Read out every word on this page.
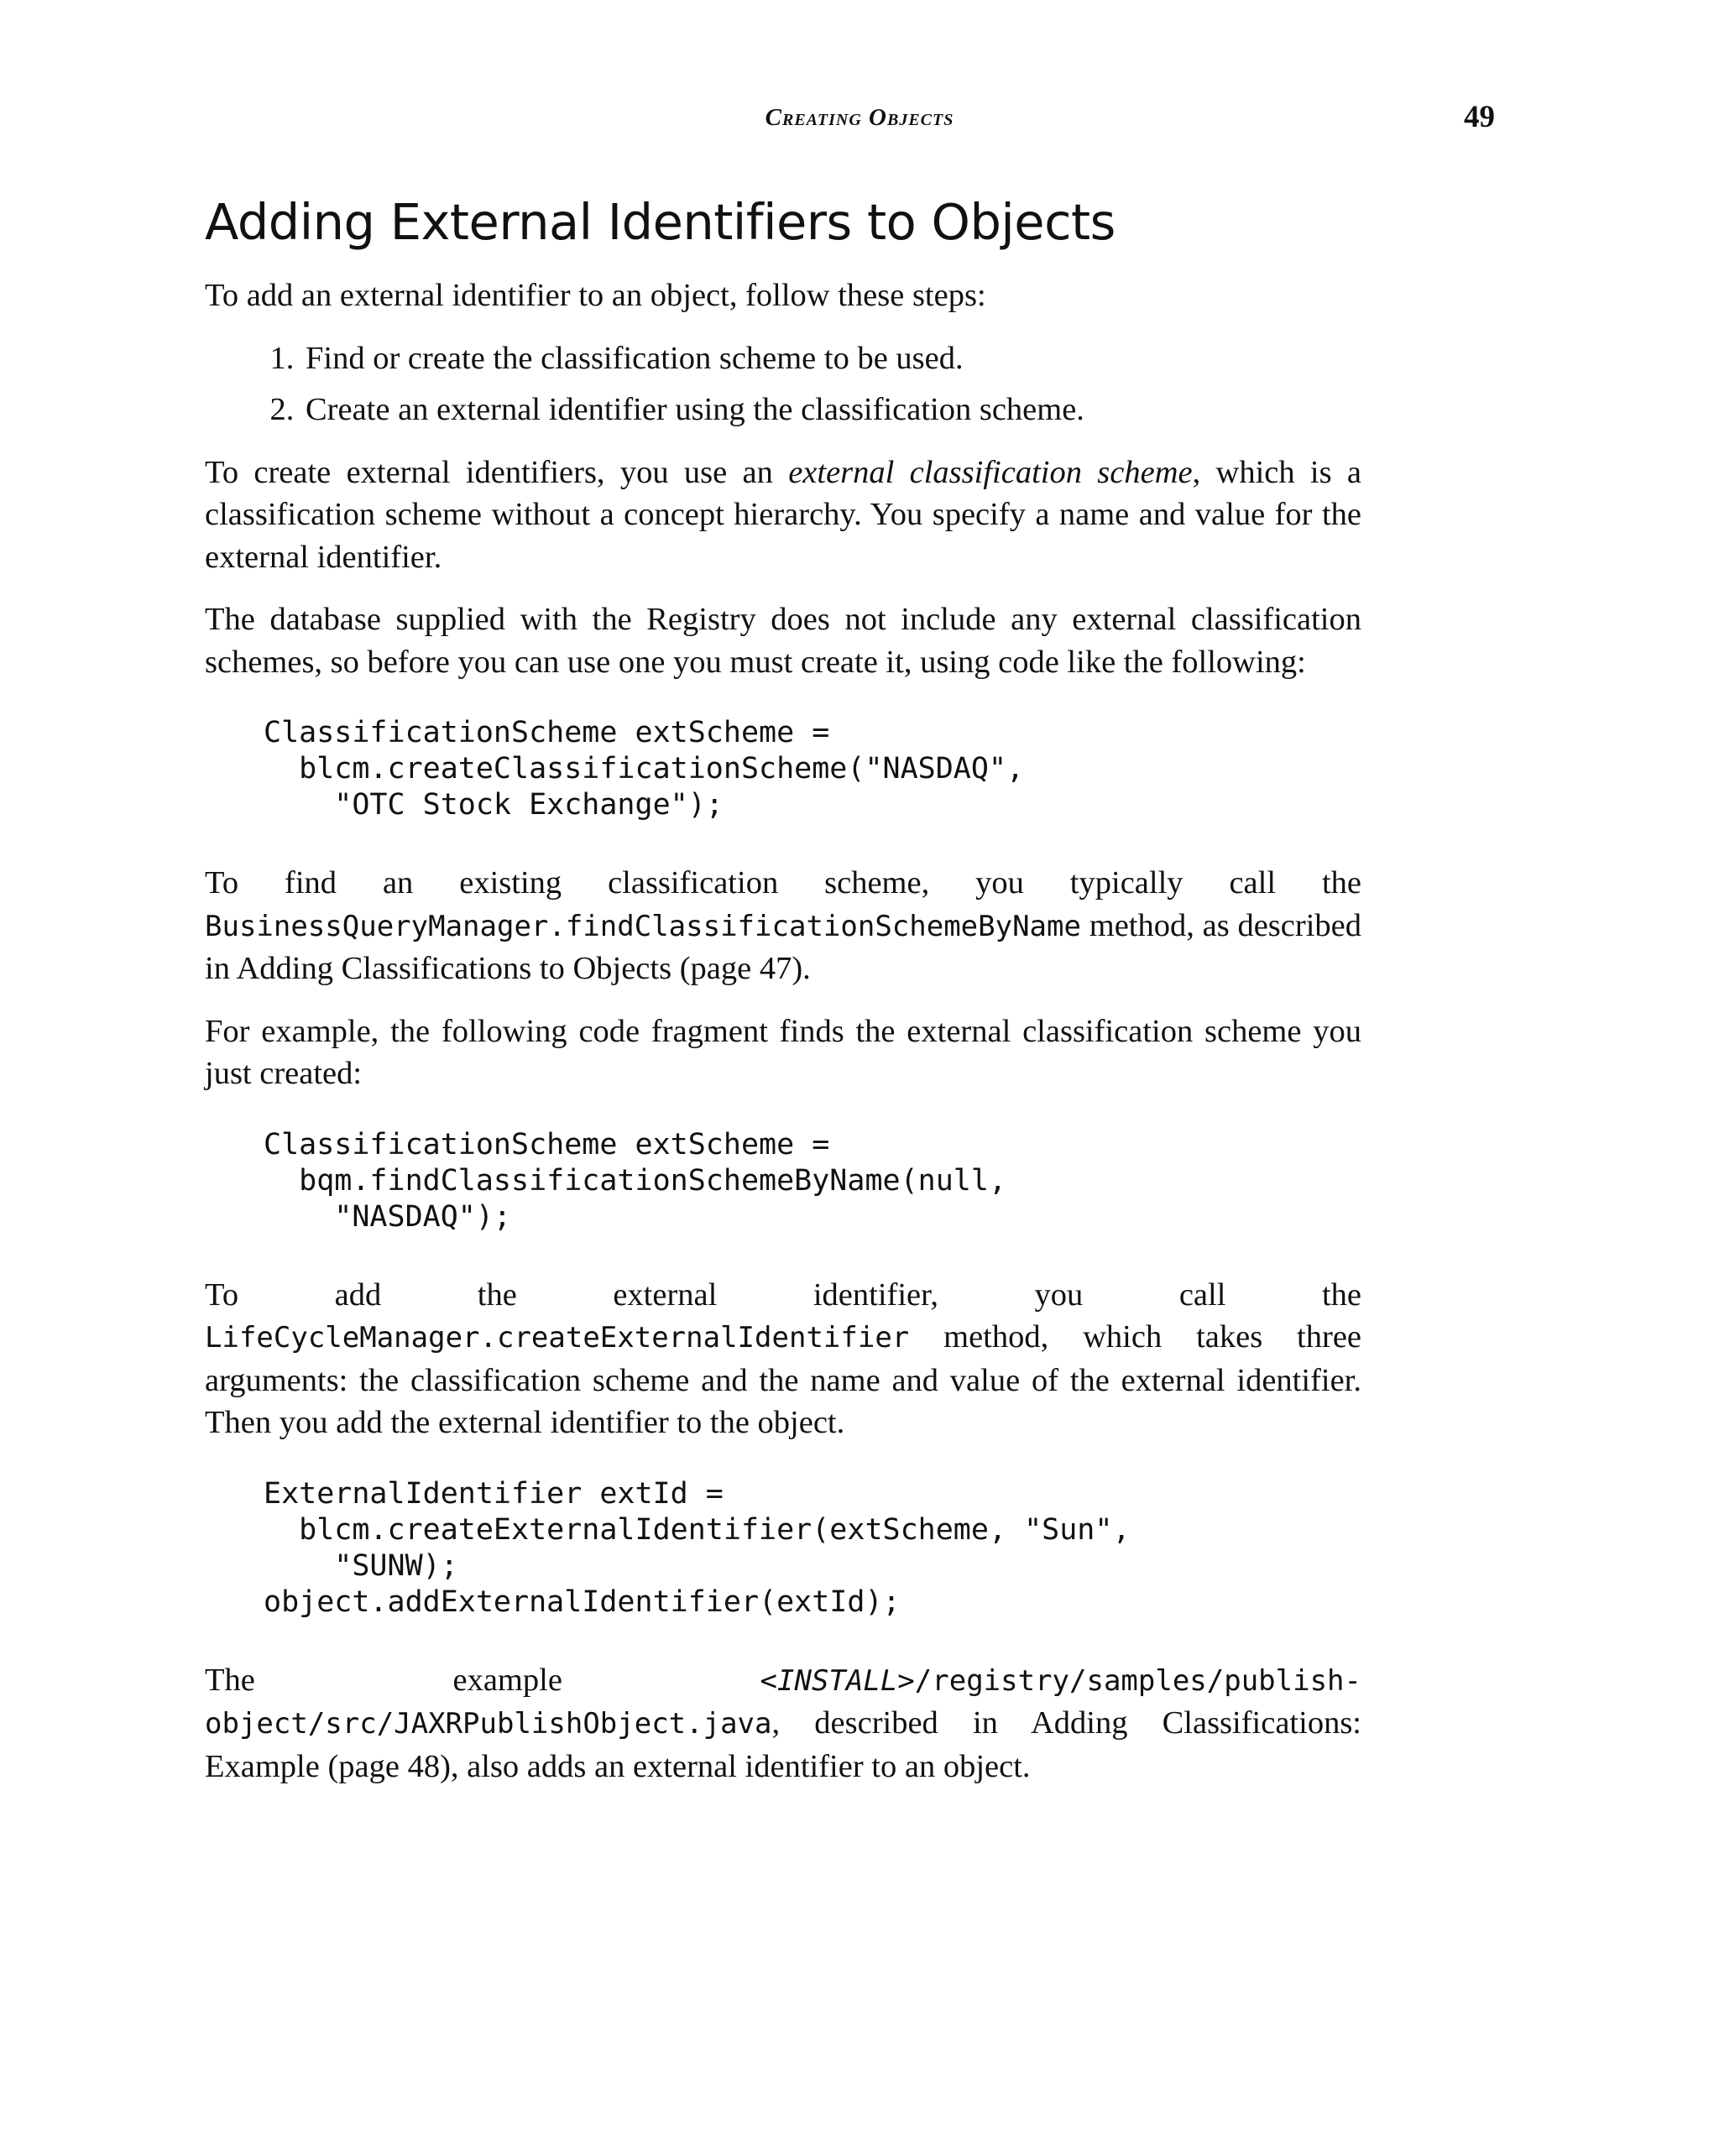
Creating Objects	49
Adding External Identifiers to Objects

To add an external identifier to an object, follow these steps:

1. Find or create the classification scheme to be used.
2. Create an external identifier using the classification scheme.

To create external identifiers, you use an external classification scheme, which is a classification scheme without a concept hierarchy. You specify a name and value for the external identifier.

The database supplied with the Registry does not include any external classification schemes, so before you can use one you must create it, using code like the following:

ClassificationScheme extScheme =
blcm.createClassificationScheme("NASDAQ",
"OTC Stock Exchange");

To find an existing classification scheme, you typically call the BusinessQueryManager.findClassificationSchemeByName method, as described in Adding Classifications to Objects (page 47).

For example, the following code fragment finds the external classification scheme you just created:

ClassificationScheme extScheme =
bqm.findClassificationSchemeByName(null,
"NASDAQ");

To add the external identifier, you call the LifeCycleManager.createExternalIdentifier method, which takes three arguments: the classification scheme and the name and value of the external identifier. Then you add the external identifier to the object.

ExternalIdentifier extId =
blcm.createExternalIdentifier(extScheme, "Sun",
"SUNW);
object.addExternalIdentifier(extId);

The example <INSTALL>/registry/samples/publish-object/src/JAXRPublishObject.java, described in Adding Classifications: Example (page 48), also adds an external identifier to an object.
